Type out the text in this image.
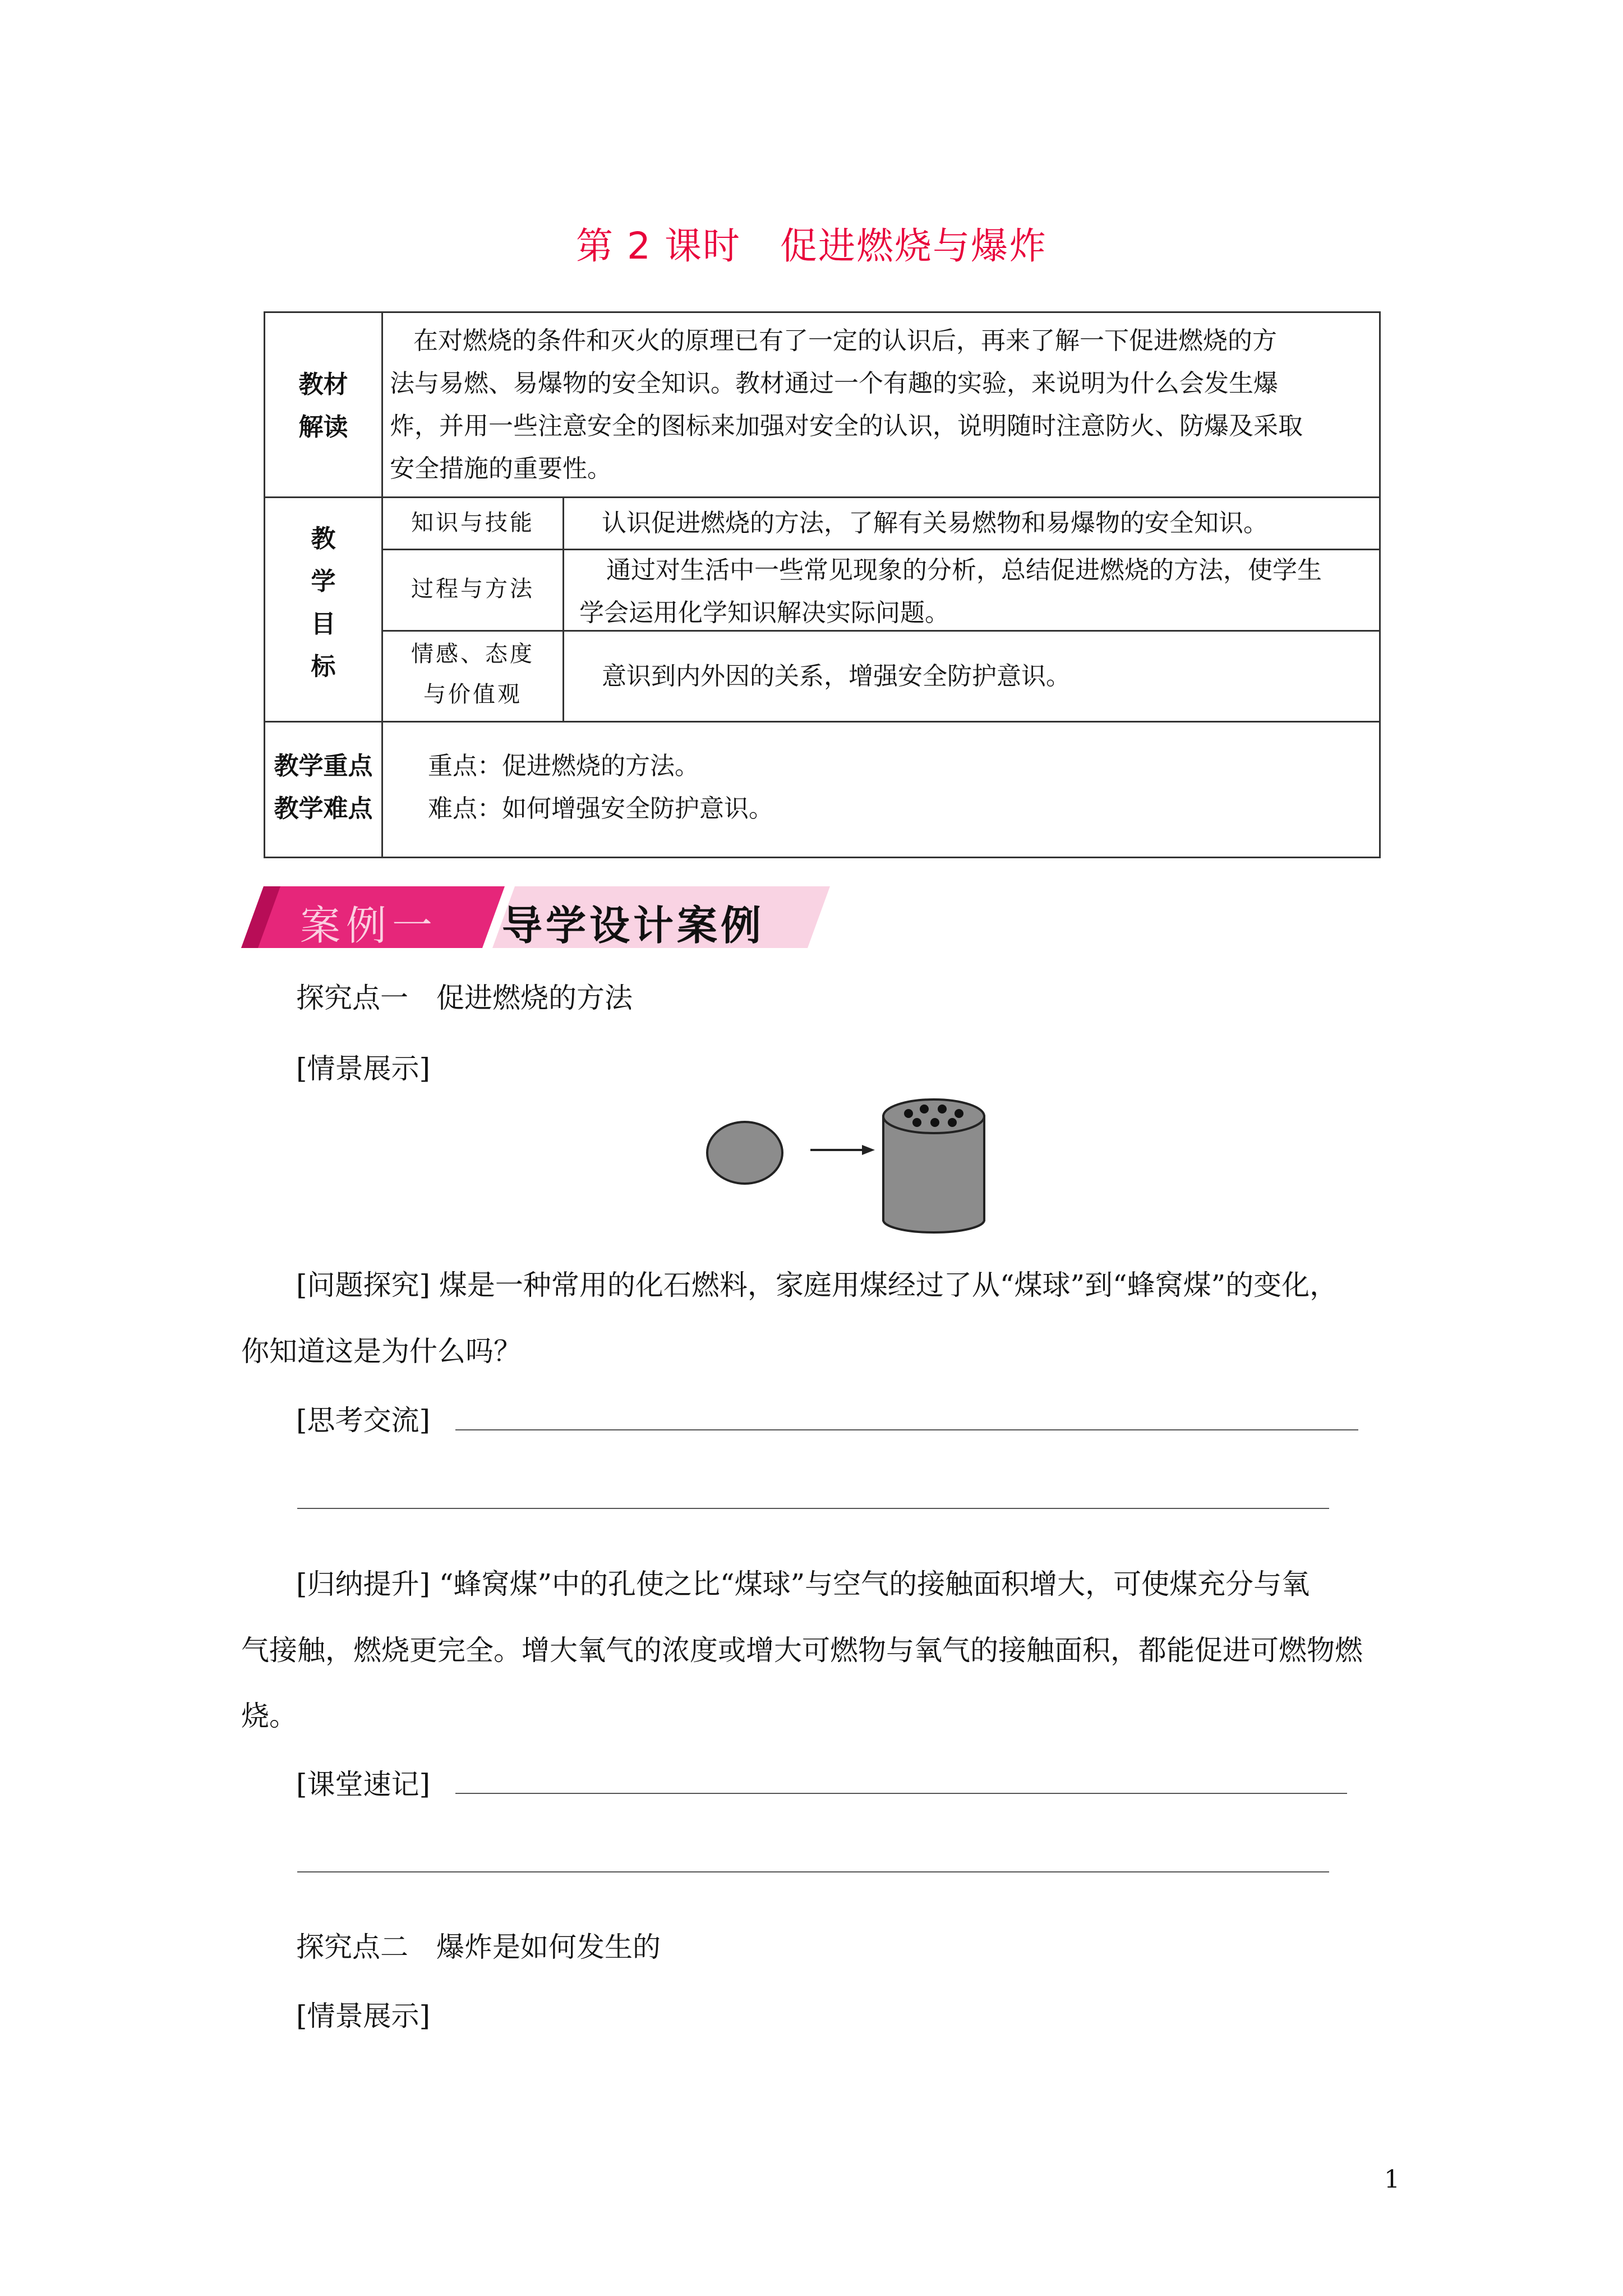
第 2 课时 促进燃烧与爆炸
教材
解读
在对燃烧的条件和灭火的原理已有了一定的认识后，再来了解一下促进燃烧的方
法与易燃、易爆物的安全知识。教材通过一个有趣的实验，来说明为什么会发生爆
炸，并用一些注意安全的图标来加强对安全的认识，说明随时注意防火、防爆及采取
安全措施的重要性。
教
学
目
标
知识与技能	认识促进燃烧的方法，了解有关易燃物和易爆物的安全知识。
过程与方法
通过对生活中一些常见现象的分析，总结促进燃烧的方法，使学生
学会运用化学知识解决实际问题。
情感、态度
与价值观
意识到内外因的关系，增强安全防护意识。
教学重点
教学难点
重点：促进燃烧的方法。
难点：如何增强安全防护意识。
案例一 导学设计案例
探究点一　促进燃烧的方法
[情景展示]
[问题探究] 煤是一种常用的化石燃料，家庭用煤经过了从“煤球”到“蜂窝煤”的变化，
你知道这是为什么吗？
[思考交流]
[归纳提升] “蜂窝煤”中的孔使之比“煤球”与空气的接触面积增大，可使煤充分与氧
气接触，燃烧更完全。增大氧气的浓度或增大可燃物与氧气的接触面积，都能促进可燃物燃
烧。
[课堂速记]
探究点二　爆炸是如何发生的
[情景展示]
1
